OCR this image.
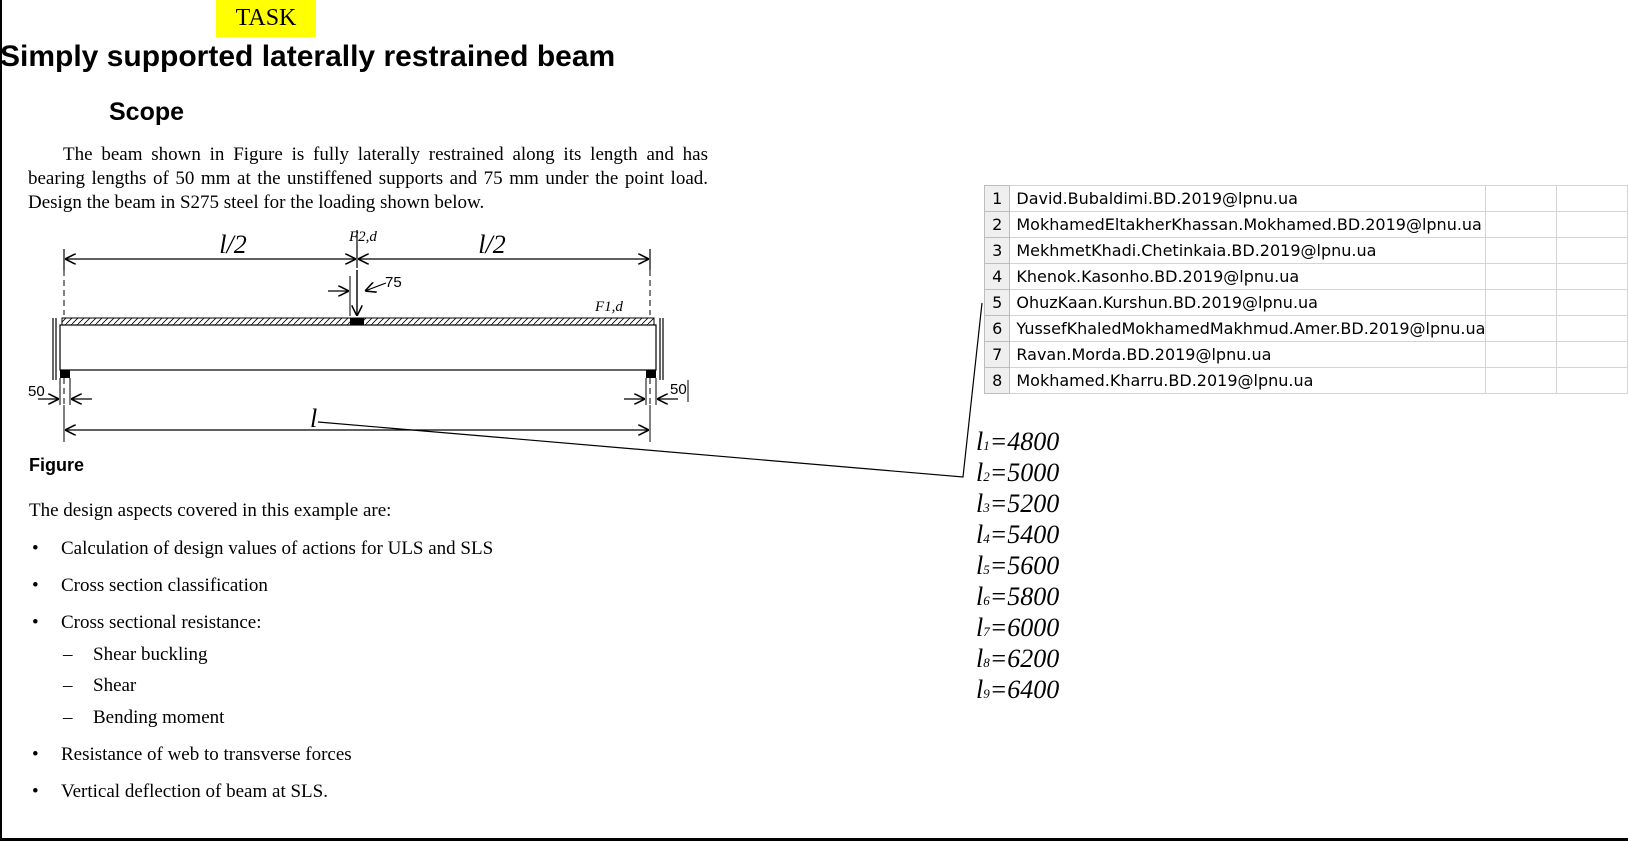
TASK
Simply supported laterally restrained beam
Scope

The beam shown in Figure is fully laterally restrained along its length and has bearing lengths of 50 mm at the unstiffened supports and 75 mm under the point load. Design the beam in S275 steel for the loading shown below.

l/2	l/2
F2,d
75
F1,d
50	50
l
Figure
The design aspects covered in this example are:
• Calculation of design values of actions for ULS and SLS
• Cross section classification
• Cross sectional resistance:
– Shear buckling
– Shear
– Bending moment
• Resistance of web to transverse forces
• Vertical deflection of beam at SLS.
1	David.Bubaldimi.BD.2019@lpnu.ua		
2	MokhamedEltakherKhassan.Mokhamed.BD.2019@lpnu.ua		
3	MekhmetKhadi.Chetinkaia.BD.2019@lpnu.ua		
4	Khenok.Kasonho.BD.2019@lpnu.ua		
5	OhuzKaan.Kurshun.BD.2019@lpnu.ua		
6	YussefKhaledMokhamedMakhmud.Amer.BD.2019@lpnu.ua		
7	Ravan.Morda.BD.2019@lpnu.ua		
8	Mokhamed.Kharru.BD.2019@lpnu.ua		
l1=4800
l2=5000
l3=5200
l4=5400
l5=5600
l6=5800
l7=6000
l8=6200
l9=6400
